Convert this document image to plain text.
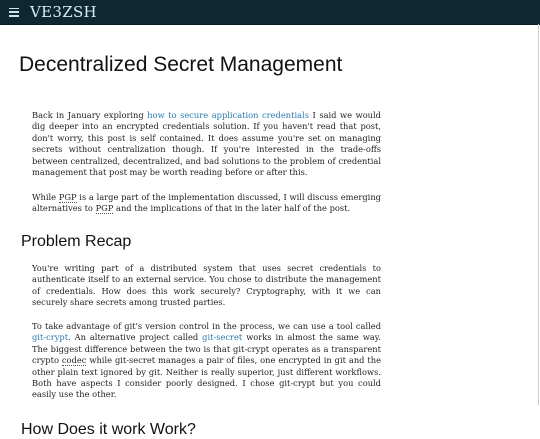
VE3ZSH
Decentralized Secret Management

Back in January exploring how to secure application credentials I said we would dig deeper into an encrypted credentials solution. If you haven't read that post, don't worry, this post is self contained. It does assume you're set on managing secrets without centralization though. If you're interested in the trade-offs between centralized, decentralized, and bad solutions to the problem of credential management that post may be worth reading before or after this.

While PGP is a large part of the implementation discussed, I will discuss emerging alternatives to PGP and the implications of that in the later half of the post.

Problem Recap

You're writing part of a distributed system that uses secret credentials to authenticate itself to an external service. You chose to distribute the management of credentials. How does this work securely? Cryptography, with it we can securely share secrets among trusted parties.

To take advantage of git's version control in the process, we can use a tool called git-crypt. An alternative project called git-secret works in almost the same way. The biggest difference between the two is that git-crypt operates as a transparent crypto codec while git-secret manages a pair of files, one encrypted in git and the other plain text ignored by git. Neither is really superior, just different workflows. Both have aspects I consider poorly designed. I chose git-crypt but you could easily use the other.

How Does it work Work?
